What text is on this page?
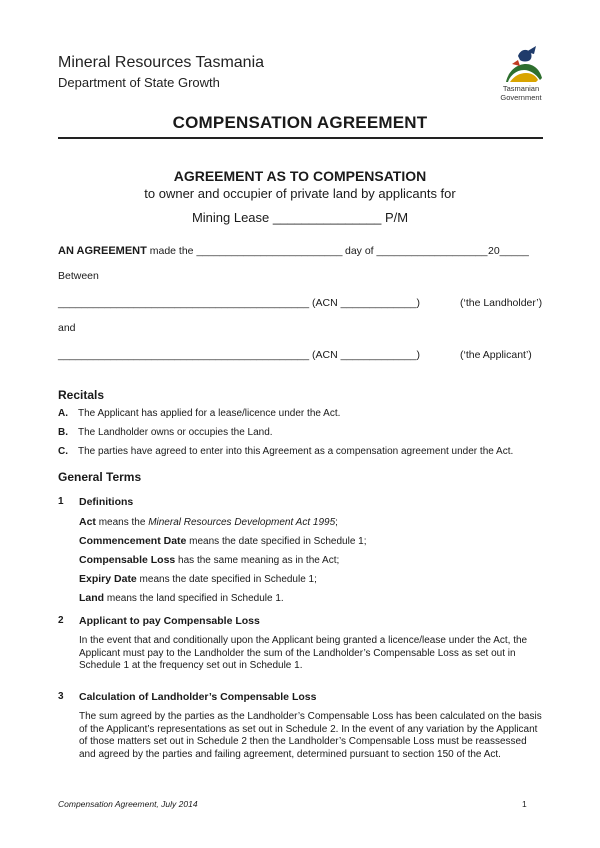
Mineral Resources Tasmania
Department of State Growth	Tasmanian
Government
COMPENSATION AGREEMENT
AGREEMENT AS TO COMPENSATION
to owner and occupier of private land by applicants for
Mining Lease _______________ P/M
AN AGREEMENT made the _________________________ day of ___________________ 20_____
Between
___________________________________________ (ACN _____________)	(‘the Landholder’)
and
___________________________________________ (ACN _____________)	(‘the Applicant’)
Recitals
A. The Applicant has applied for a lease/licence under the Act.
B. The Landholder owns or occupies the Land.
C. The parties have agreed to enter into this Agreement as a compensation agreement under the Act.
General Terms
1 Definitions
Act means the Mineral Resources Development Act 1995;
Commencement Date means the date specified in Schedule 1;
Compensable Loss has the same meaning as in the Act;
Expiry Date means the date specified in Schedule 1;
Land means the land specified in Schedule 1.
2 Applicant to pay Compensable Loss
In the event that and conditionally upon the Applicant being granted a licence/lease under the Act, the Applicant must pay to the Landholder the sum of the Landholder’s Compensable Loss as set out in Schedule 1 at the frequency set out in Schedule 1.
3 Calculation of Landholder’s Compensable Loss
The sum agreed by the parties as the Landholder’s Compensable Loss has been calculated on the basis of the Applicant’s representations as set out in Schedule 2. In the event of any variation by the Applicant of those matters set out in Schedule 2 then the Landholder’s Compensable Loss must be reassessed and agreed by the parties and failing agreement, determined pursuant to section 150 of the Act.
Compensation Agreement, July 2014	1
